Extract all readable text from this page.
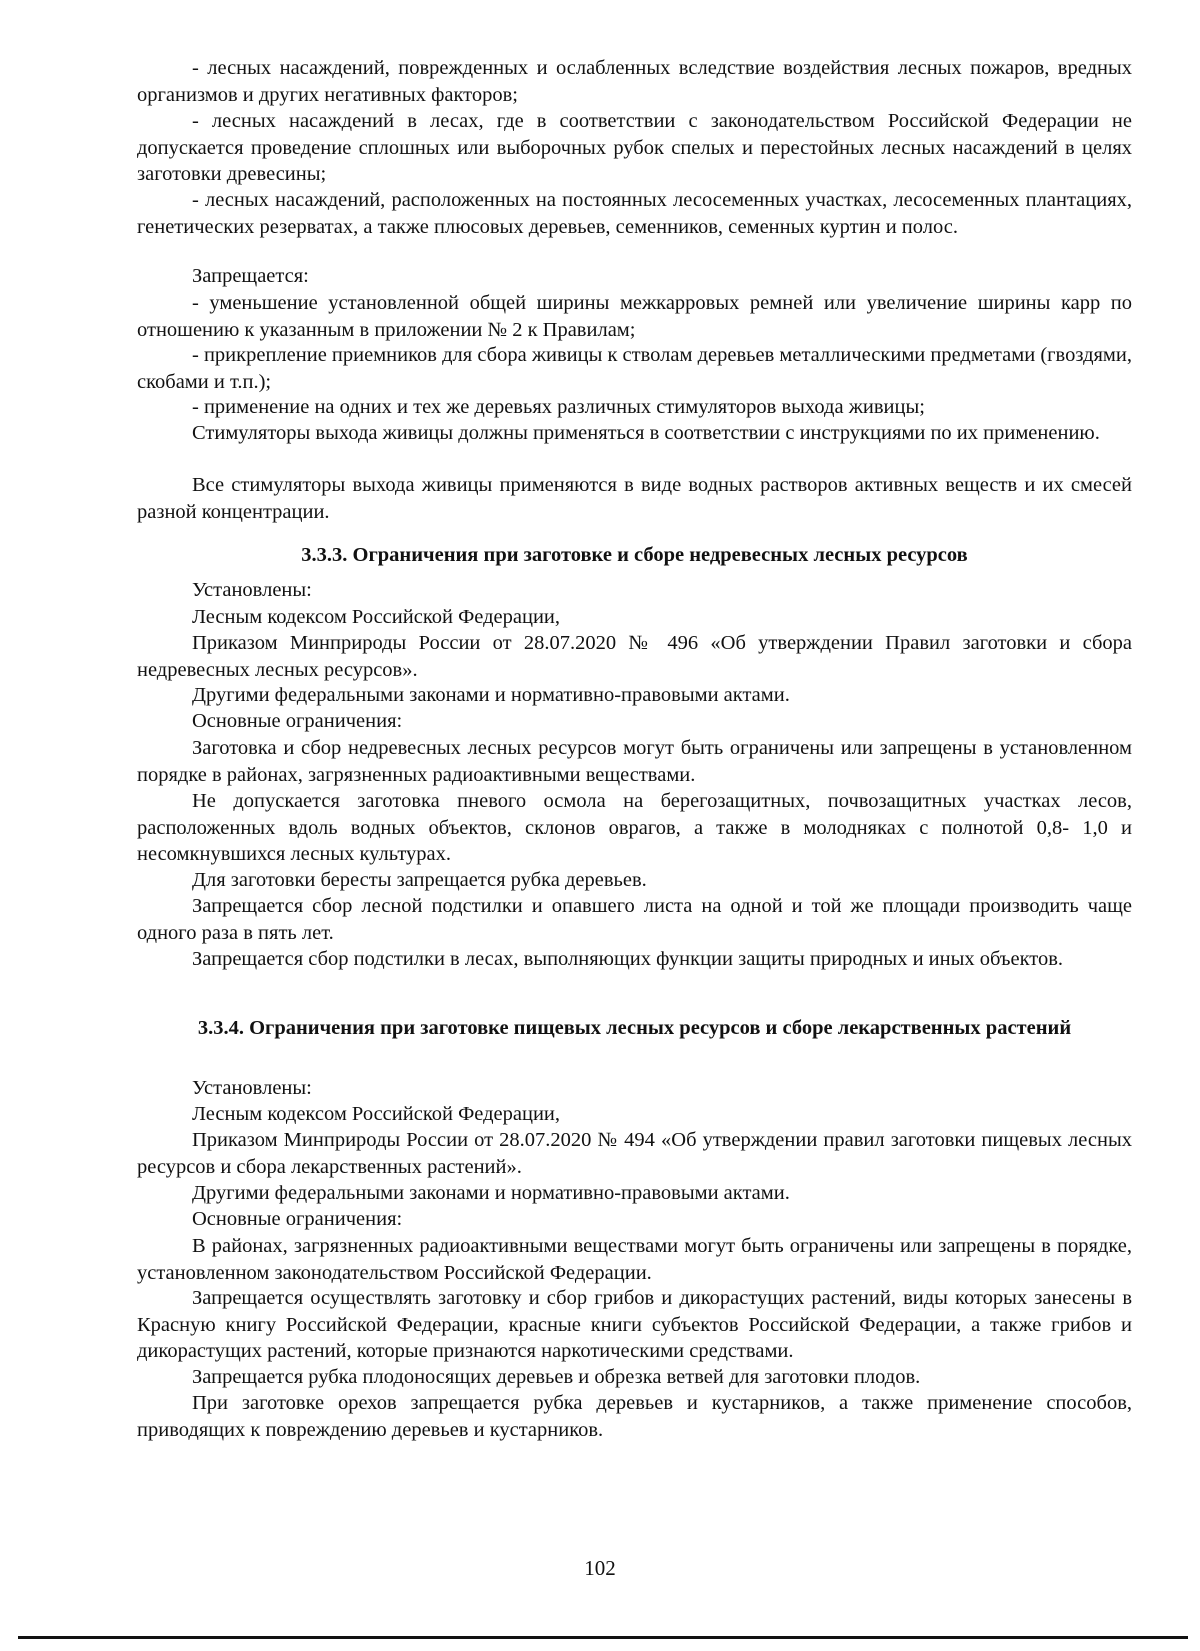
- лесных насаждений, поврежденных и ослабленных вследствие воздействия лесных пожаров, вредных организмов и других негативных факторов;

- лесных насаждений в лесах, где в соответствии с законодательством Российской Федерации не допускается проведение сплошных или выборочных рубок спелых и перестойных лесных насаждений в целях заготовки древесины;

- лесных насаждений, расположенных на постоянных лесосеменных участках, лесосеменных плантациях, генетических резерватах, а также плюсовых деревьев, семенников, семенных куртин и полос.

Запрещается:

- уменьшение установленной общей ширины межкарровых ремней или увеличение ширины карр по отношению к указанным в приложении № 2 к Правилам;

- прикрепление приемников для сбора живицы к стволам деревьев металлическими предметами (гвоздями, скобами и т.п.);

- применение на одних и тех же деревьях различных стимуляторов выхода живицы;

Стимуляторы выхода живицы должны применяться в соответствии с инструкциями по их применению.

Все стимуляторы выхода живицы применяются в виде водных растворов активных веществ и их смесей разной концентрации.

3.3.3. Ограничения при заготовке и сборе недревесных лесных ресурсов

Установлены:

Лесным кодексом Российской Федерации,

Приказом Минприроды России от 28.07.2020 № 496 «Об утверждении Правил заготовки и сбора недревесных лесных ресурсов».

Другими федеральными законами и нормативно-правовыми актами.

Основные ограничения:

Заготовка и сбор недревесных лесных ресурсов могут быть ограничены или запрещены в установленном порядке в районах, загрязненных радиоактивными веществами.

Не допускается заготовка пневого осмола на берегозащитных, почвозащитных участках лесов, расположенных вдоль водных объектов, склонов оврагов, а также в молодняках с полнотой 0,8- 1,0 и несомкнувшихся лесных культурах.

Для заготовки бересты запрещается рубка деревьев.

Запрещается сбор лесной подстилки и опавшего листа на одной и той же площади производить чаще одного раза в пять лет.

Запрещается сбор подстилки в лесах, выполняющих функции защиты природных и иных объектов.

3.3.4. Ограничения при заготовке пищевых лесных ресурсов и сборе лекарственных растений

Установлены:

Лесным кодексом Российской Федерации,

Приказом Минприроды России от 28.07.2020 № 494 «Об утверждении правил заготовки пищевых лесных ресурсов и сбора лекарственных растений».

Другими федеральными законами и нормативно-правовыми актами.

Основные ограничения:

В районах, загрязненных радиоактивными веществами могут быть ограничены или запрещены в порядке, установленном законодательством Российской Федерации.

Запрещается осуществлять заготовку и сбор грибов и дикорастущих растений, виды которых занесены в Красную книгу Российской Федерации, красные книги субъектов Российской Федерации, а также грибов и дикорастущих растений, которые признаются наркотическими средствами.

Запрещается рубка плодоносящих деревьев и обрезка ветвей для заготовки плодов.

При заготовке орехов запрещается рубка деревьев и кустарников, а также применение способов, приводящих к повреждению деревьев и кустарников.

102
